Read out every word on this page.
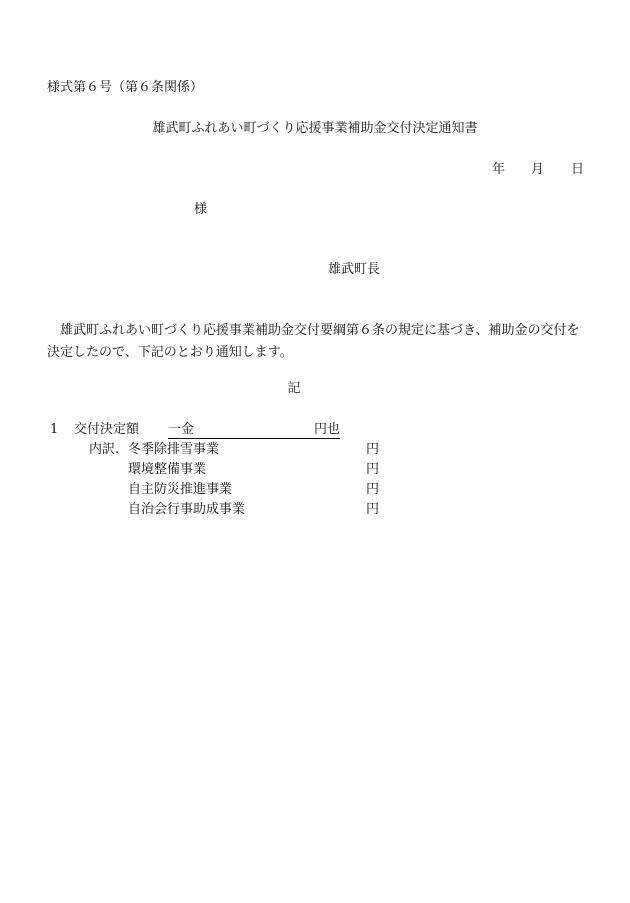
様式第６号（第６条関係）
雄武町ふれあい町づくり応援事業補助金交付決定通知書
年 月 日
様
雄武町長
雄武町ふれあい町づくり応援事業補助金交付要綱第６条の規定に基づき、補助金の交付を決定したので、下記のとおり通知します。
記
1 交付決定額 一金	円也
内訳. 冬季除排雪事業	円
環境整備事業	円
自主防災推進事業	円
自治会行事助成事業	円
